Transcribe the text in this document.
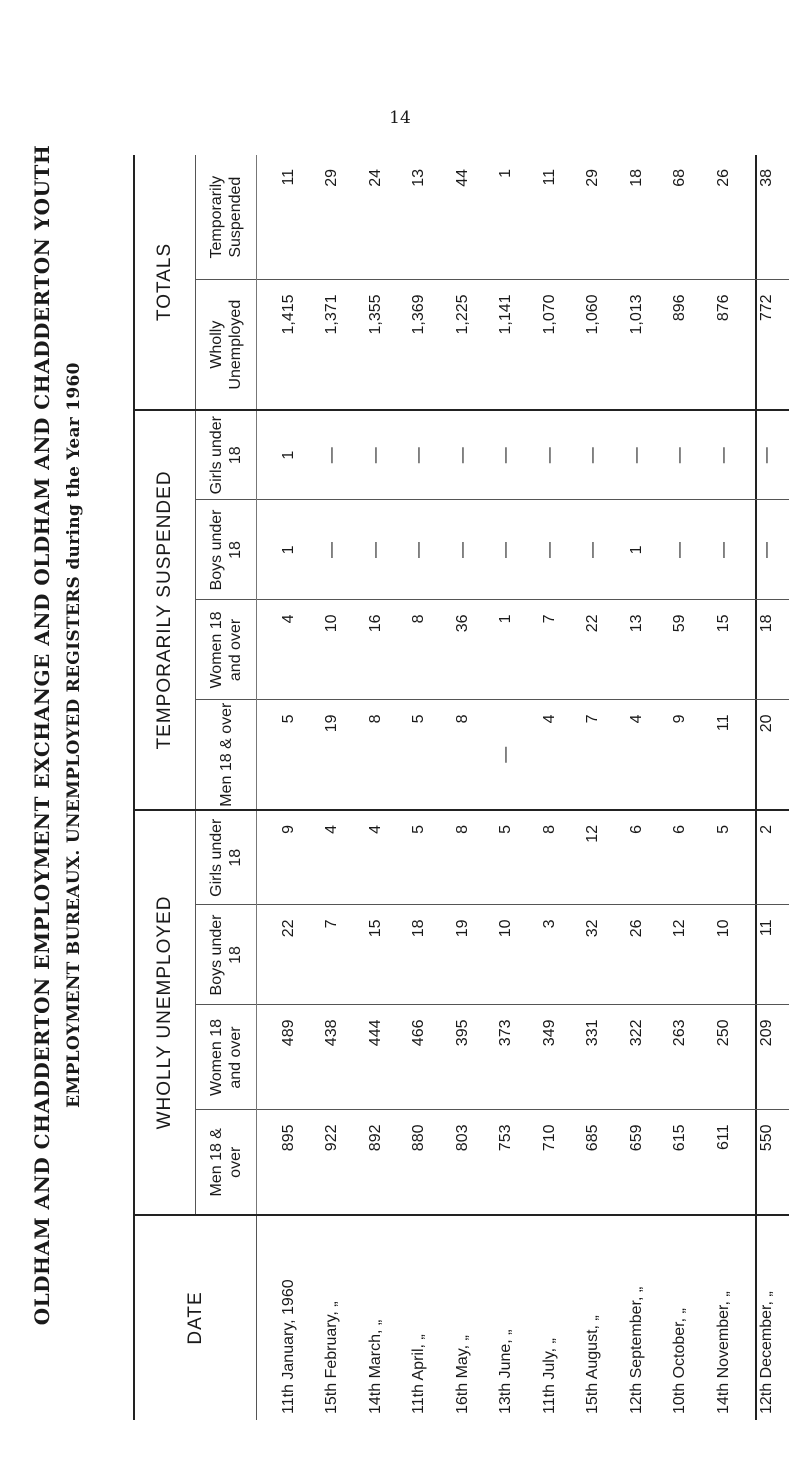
14
OLDHAM AND CHADDERTON EMPLOYMENT EXCHANGE AND OLDHAM AND CHADDERTON YOUTH EMPLOYMENT BUREAUX. UNEMPLOYED REGISTERS during the Year 1960
DATE	WHOLLY UNEMPLOYED				TEMPORARILY SUSPENDED				TOTALS	
	Men 18 & over	Women 18 and over	Boys under 18	Girls under 18	Men 18 & over	Women 18 and over	Boys under 18	Girls under 18	Wholly Unemployed	Temporarily Suspended
11th January, 1960	895	489	22	9	5	4	1	1	1,415	11
15th February, „	922	438	7	4	19	10	—	—	1,371	29
14th March, „	892	444	15	4	8	16	—	—	1,355	24
11th April, „	880	466	18	5	5	8	—	—	1,369	13
16th May, „	803	395	19	8	8	36	—	—	1,225	44
13th June, „	753	373	10	5	—	1	—	—	1,141	1
11th July, „	710	349	3	8	4	7	—	—	1,070	11
15th August, „	685	331	32	12	7	22	—	—	1,060	29
12th September, „	659	322	26	6	4	13	1	—	1,013	18
10th October, „	615	263	12	6	9	59	—	—	896	68
14th November, „	611	250	10	5	11	15	—	—	876	26
12th December, „	550	209	11	2	20	18	—	—	772	38
